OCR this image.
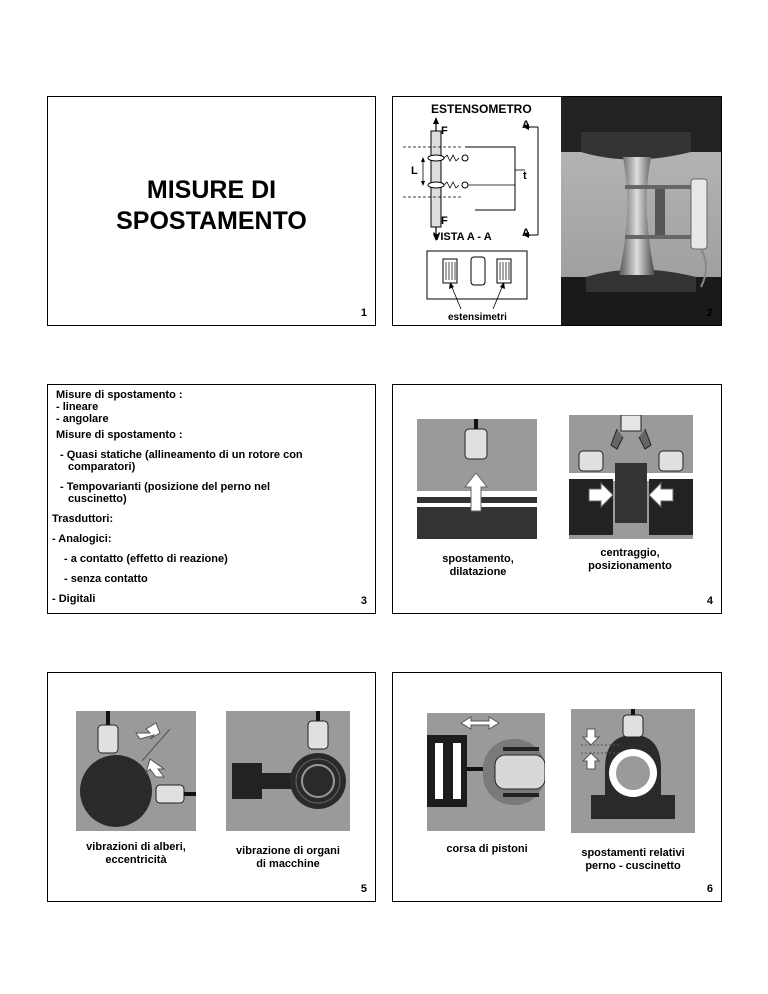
MISURE DI
SPOSTAMENTO
1
ESTENSOMETRO
A
F
L	t
F
A
VISTA A - A
estensimetri	2
Misure di spostamento :
- lineare
- angolare
Misure di spostamento :
- Quasi statiche (allineamento di un rotore con
comparatori)
- Tempovarianti (posizione del perno nel
cuscinetto)
Trasduttori:
- Analogici:
- a contatto (effetto di reazione)
- senza contatto
- Digitali	3
spostamento,
dilatazione
centraggio,
posizionamento
4
vibrazioni di alberi,
eccentricità
vibrazione di organi
di macchine
5
corsa di pistoni	spostamenti relativi
perno - cuscinetto
6
